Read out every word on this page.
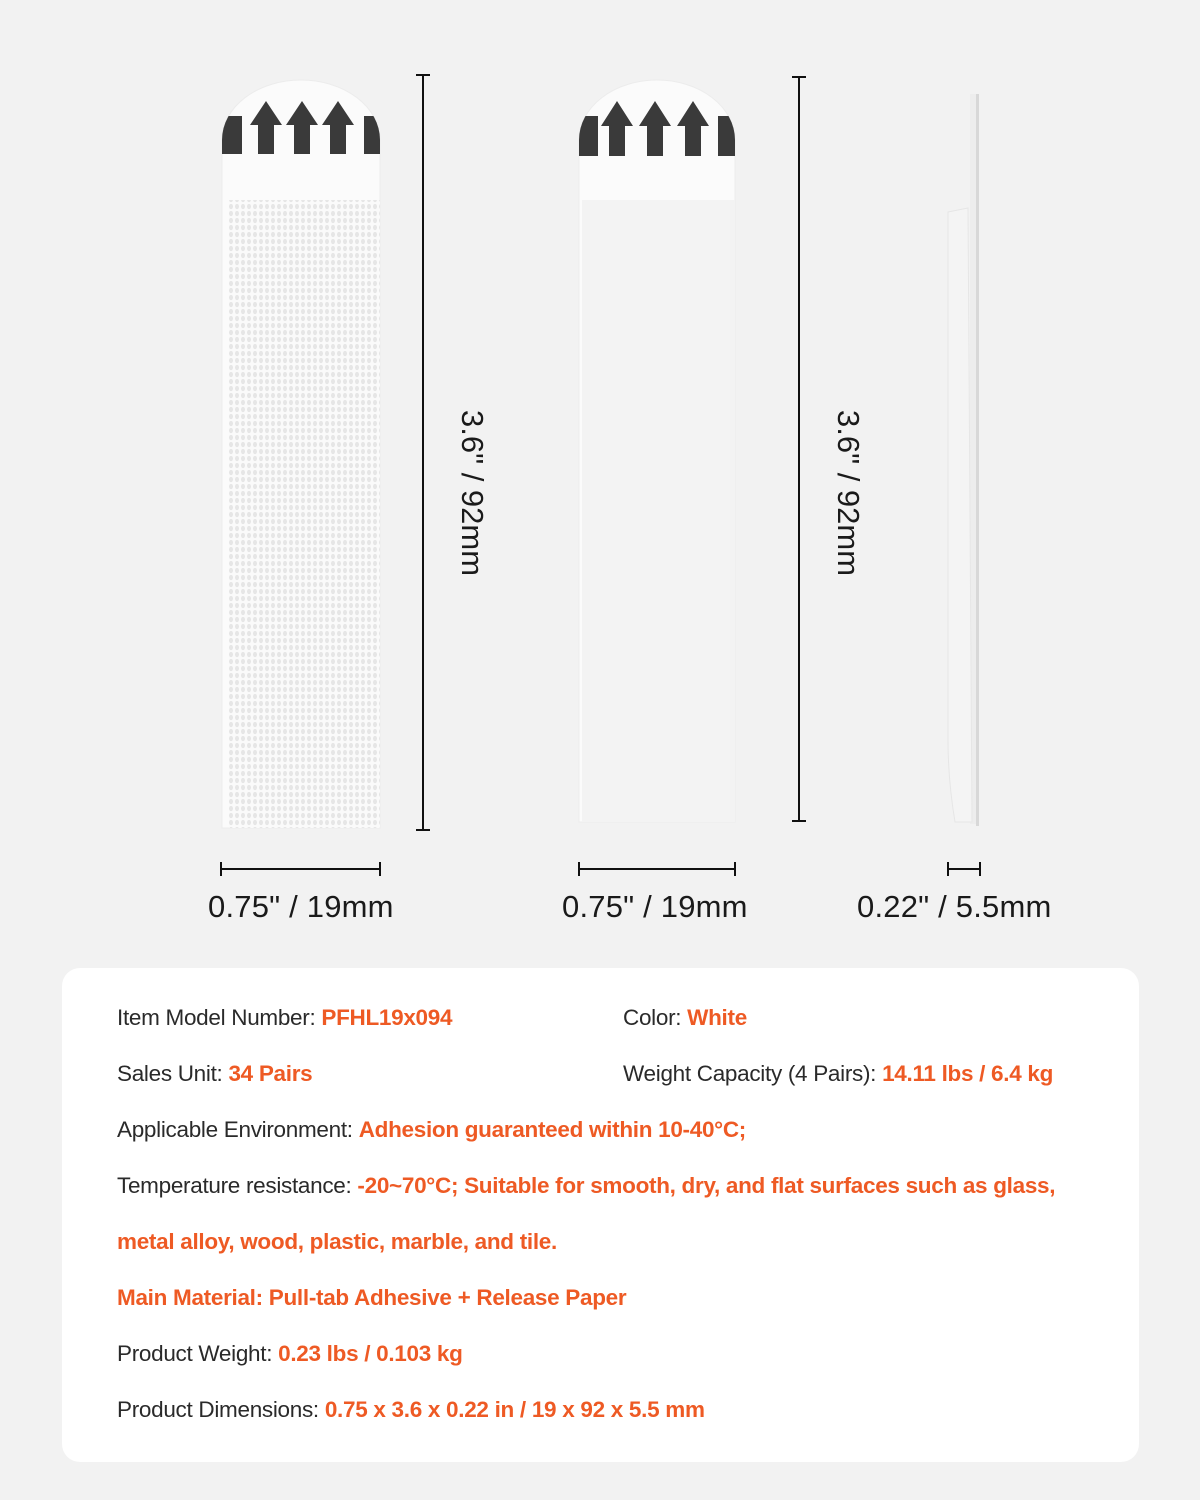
3.6" / 92mm	3.6" / 92mm
0.75" / 19mm	0.75" / 19mm	0.22" / 5.5mm
Item Model Number: PFHL19x094	Color: White
Sales Unit: 34 Pairs	Weight Capacity (4 Pairs): 14.11 lbs / 6.4 kg
Applicable Environment: Adhesion guaranteed within 10-40°C;
Temperature resistance: -20~70°C; Suitable for smooth, dry, and flat surfaces such as glass,
metal alloy, wood, plastic, marble, and tile.
Main Material: Pull-tab Adhesive + Release Paper
Product Weight: 0.23 lbs / 0.103 kg
Product Dimensions: 0.75 x 3.6 x 0.22 in / 19 x 92 x 5.5 mm
